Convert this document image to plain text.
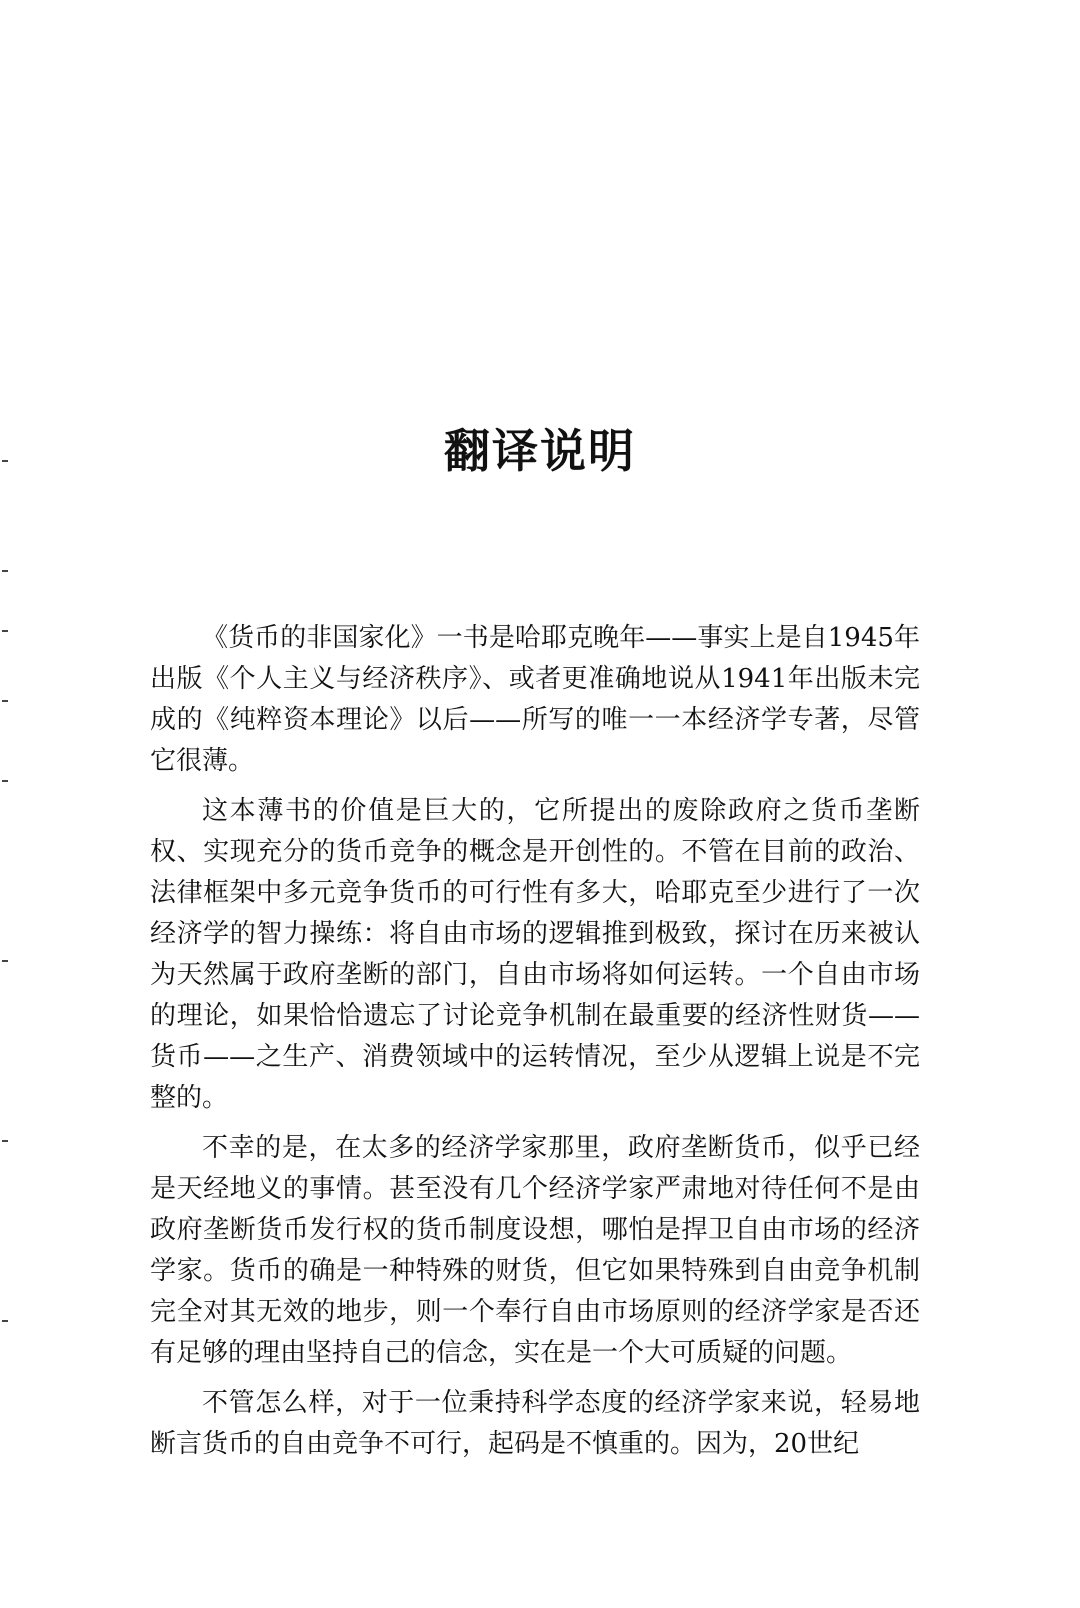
翻译说明

《货币的非国家化》一书是哈耶克晚年——事实上是自1945年出版《个人主义与经济秩序》、或者更准确地说从1941年出版未完成的《纯粹资本理论》以后——所写的唯一一本经济学专著，尽管它很薄。

这本薄书的价值是巨大的，它所提出的废除政府之货币垄断权、实现充分的货币竞争的概念是开创性的。不管在目前的政治、法律框架中多元竞争货币的可行性有多大，哈耶克至少进行了一次经济学的智力操练：将自由市场的逻辑推到极致，探讨在历来被认为天然属于政府垄断的部门，自由市场将如何运转。一个自由市场的理论，如果恰恰遗忘了讨论竞争机制在最重要的经济性财货——货币——之生产、消费领域中的运转情况，至少从逻辑上说是不完整的。

不幸的是，在太多的经济学家那里，政府垄断货币，似乎已经是天经地义的事情。甚至没有几个经济学家严肃地对待任何不是由政府垄断货币发行权的货币制度设想，哪怕是捍卫自由市场的经济学家。货币的确是一种特殊的财货，但它如果特殊到自由竞争机制完全对其无效的地步，则一个奉行自由市场原则的经济学家是否还有足够的理由坚持自己的信念，实在是一个大可质疑的问题。

不管怎么样，对于一位秉持科学态度的经济学家来说，轻易地断言货币的自由竞争不可行，起码是不慎重的。因为，20世纪
